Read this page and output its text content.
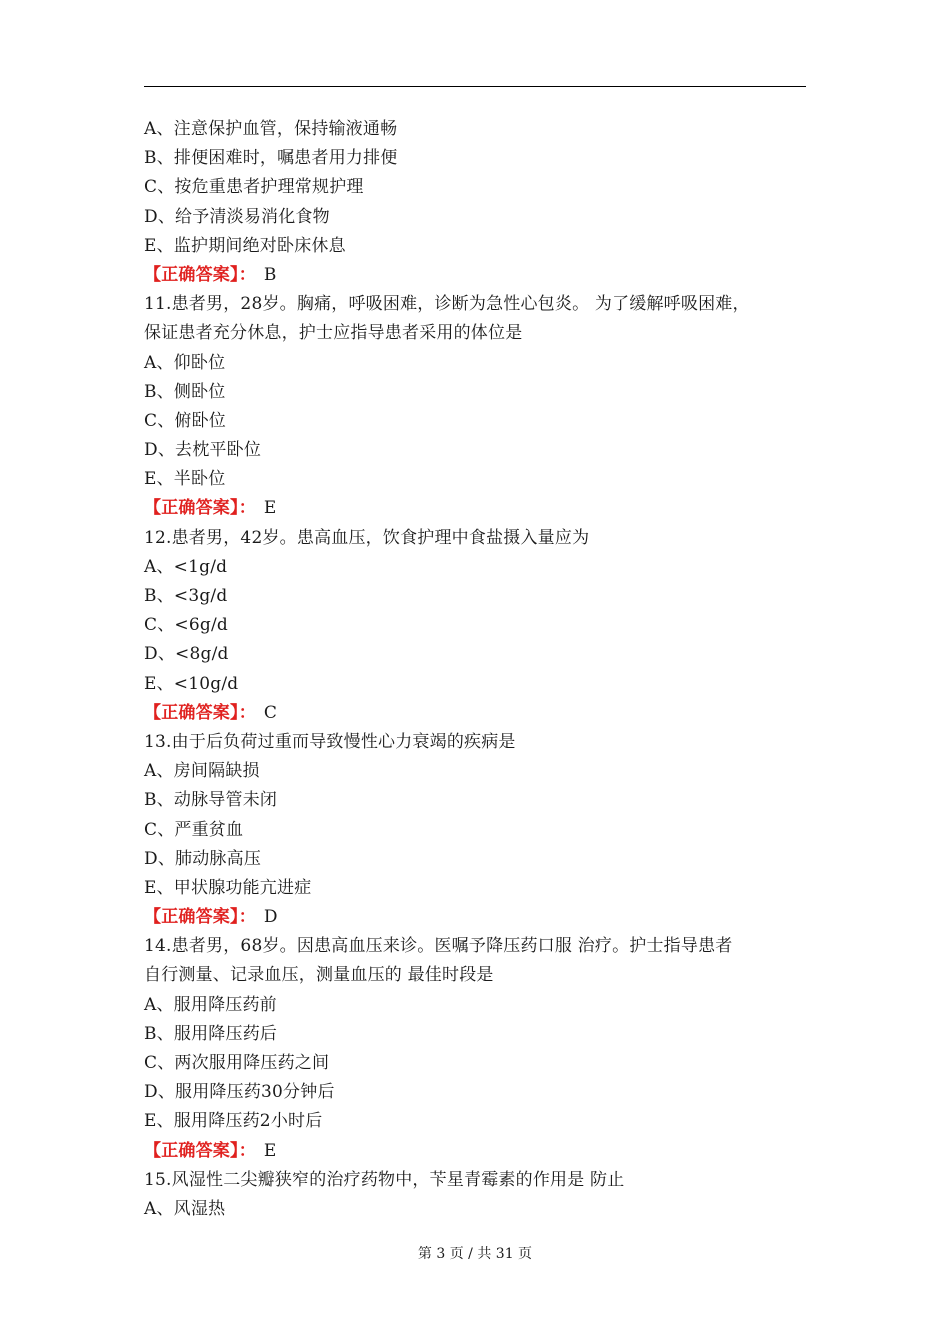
A、注意保护血管，保持输液通畅
B、排便困难时，嘱患者用力排便
C、按危重患者护理常规护理
D、给予清淡易消化食物
E、监护期间绝对卧床休息
【正确答案】： B
11.患者男，28岁。胸痛，呼吸困难，诊断为急性心包炎。 为了缓解呼吸困难，
保证患者充分休息，护士应指导患者采用的体位是
A、仰卧位
B、侧卧位
C、俯卧位
D、去枕平卧位
E、半卧位
【正确答案】： E
12.患者男，42岁。患高血压，饮食护理中食盐摄入量应为
A、<1g/d
B、<3g/d
C、<6g/d
D、<8g/d
E、<10g/d
【正确答案】： C
13.由于后负荷过重而导致慢性心力衰竭的疾病是
A、房间隔缺损
B、动脉导管未闭
C、严重贫血
D、肺动脉高压
E、甲状腺功能亢进症
【正确答案】： D
14.患者男，68岁。因患高血压来诊。医嘱予降压药口服 治疗。护士指导患者
自行测量、记录血压，测量血压的 最佳时段是
A、服用降压药前
B、服用降压药后
C、两次服用降压药之间
D、服用降压药30分钟后
E、服用降压药2小时后
【正确答案】： E
15.风湿性二尖瓣狭窄的治疗药物中，苄星青霉素的作用是 防止
A、风湿热
第 3 页 / 共 31 页
